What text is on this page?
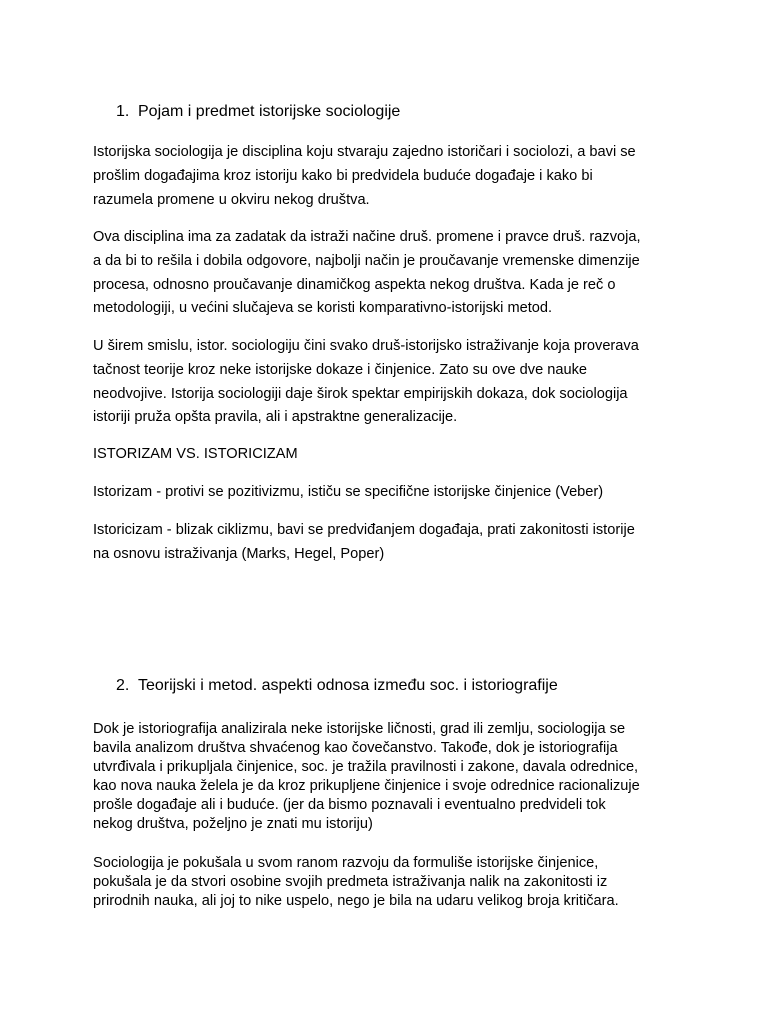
1. Pojam i predmet istorijske sociologije

Istorijska sociologija je disciplina koju stvaraju zajedno istoričari i sociolozi, a bavi se
prošlim događajima kroz istoriju kako bi predvidela buduće događaje i kako bi
razumela promene u okviru nekog društva.

Ova disciplina ima za zadatak da istraži načine druš. promene i pravce druš. razvoja,
a da bi to rešila i dobila odgovore, najbolji način je proučavanje vremenske dimenzije
procesa, odnosno proučavanje dinamičkog aspekta nekog društva. Kada je reč o
metodologiji, u većini slučajeva se koristi komparativno-istorijski metod.

U širem smislu, istor. sociologiju čini svako druš-istorijsko istraživanje koja proverava
tačnost teorije kroz neke istorijske dokaze i činjenice. Zato su ove dve nauke
neodvojive. Istorija sociologiji daje širok spektar empirijskih dokaza, dok sociologija
istoriji pruža opšta pravila, ali i apstraktne generalizacije.

ISTORIZAM VS. ISTORICIZAM

Istorizam - protivi se pozitivizmu, ističu se specifične istorijske činjenice (Veber)

Istoricizam - blizak ciklizmu, bavi se predviđanjem događaja, prati zakonitosti istorije
na osnovu istraživanja (Marks, Hegel, Poper)

2. Teorijski i metod. aspekti odnosa između soc. i istoriografije

Dok je istoriografija analizirala neke istorijske ličnosti, grad ili zemlju, sociologija se
bavila analizom društva shvaćenog kao čovečanstvo. Takođe, dok je istoriografija
utvrđivala i prikupljala činjenice, soc. je tražila pravilnosti i zakone, davala odrednice,
kao nova nauka želela je da kroz prikupljene činjenice i svoje odrednice racionalizuje
prošle događaje ali i buduće. (jer da bismo poznavali i eventualno predvideli tok
nekog društva, poželjno je znati mu istoriju)

Sociologija je pokušala u svom ranom razvoju da formuliše istorijske činjenice,
pokušala je da stvori osobine svojih predmeta istraživanja nalik na zakonitosti iz
prirodnih nauka, ali joj to nike uspelo, nego je bila na udaru velikog broja kritičara.
